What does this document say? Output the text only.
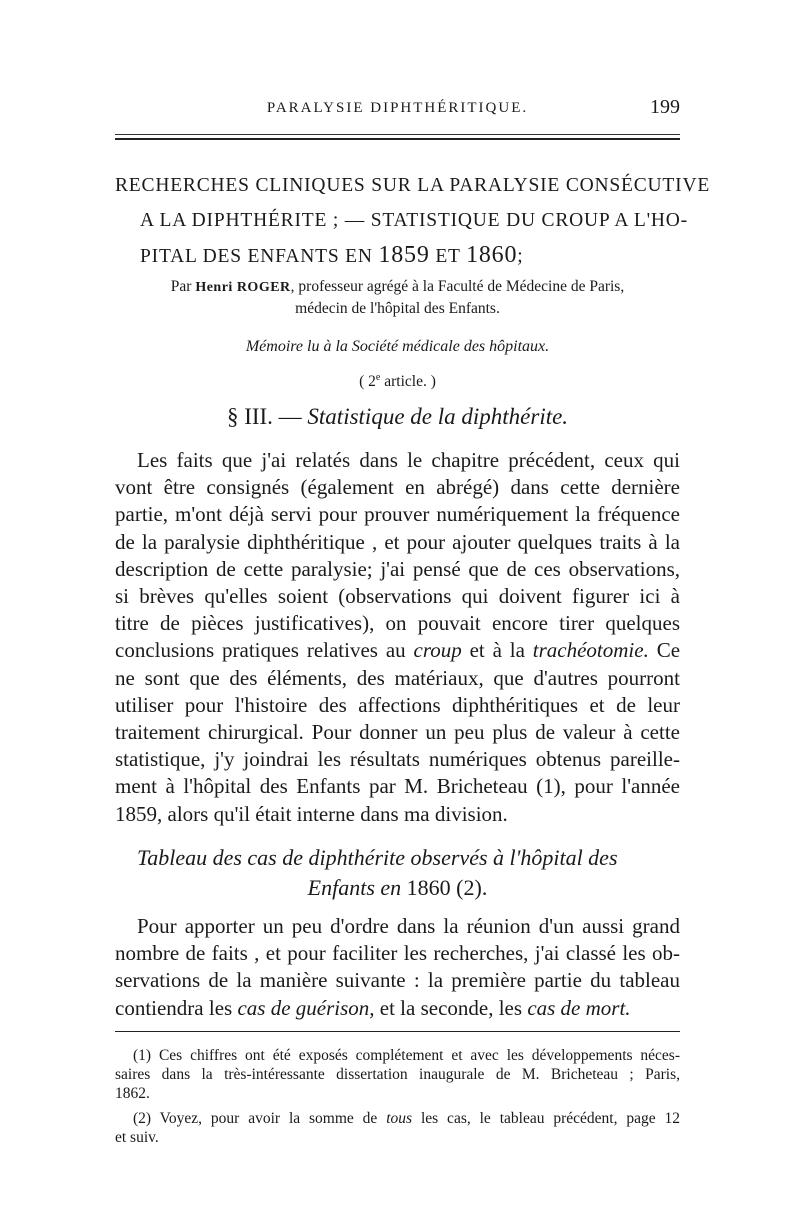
PARALYSIE DIPHTHÉRITIQUE.	199
RECHERCHES CLINIQUES SUR LA PARALYSIE CONSÉCUTIVE
A LA DIPHTHÉRITE ; — STATISTIQUE DU CROUP A L'HO-
PITAL DES ENFANTS EN 1859 ET 1860;
Par Henri ROGER, professeur agrégé à la Faculté de Médecine de Paris,
médecin de l'hôpital des Enfants.
Mémoire lu à la Société médicale des hôpitaux.
( 2e article. )
§ III. — Statistique de la diphthérite.
Les faits que j'ai relatés dans le chapitre précédent, ceux qui
vont être consignés (également en abrégé) dans cette dernière
partie, m'ont déjà servi pour prouver numériquement la fréquence
de la paralysie diphthéritique , et pour ajouter quelques traits à la
description de cette paralysie; j'ai pensé que de ces observations,
si brèves qu'elles soient (observations qui doivent figurer ici à
titre de pièces justificatives), on pouvait encore tirer quelques
conclusions pratiques relatives au croup et à la trachéotomie. Ce
ne sont que des éléments, des matériaux, que d'autres pourront
utiliser pour l'histoire des affections diphthéritiques et de leur
traitement chirurgical. Pour donner un peu plus de valeur à cette
statistique, j'y joindrai les résultats numériques obtenus pareille-
ment à l'hôpital des Enfants par M. Bricheteau (1), pour l'année
1859, alors qu'il était interne dans ma division.
Tableau des cas de diphthérite observés à l'hôpital des
Enfants en 1860 (2).
Pour apporter un peu d'ordre dans la réunion d'un aussi grand
nombre de faits , et pour faciliter les recherches, j'ai classé les ob-
servations de la manière suivante : la première partie du tableau
contiendra les cas de guérison, et la seconde, les cas de mort.
(1) Ces chiffres ont été exposés complétement et avec les développements néces-
saires dans la très-intéressante dissertation inaugurale de M. Bricheteau ; Paris,
1862.
(2) Voyez, pour avoir la somme de tous les cas, le tableau précédent, page 12
et suiv.
